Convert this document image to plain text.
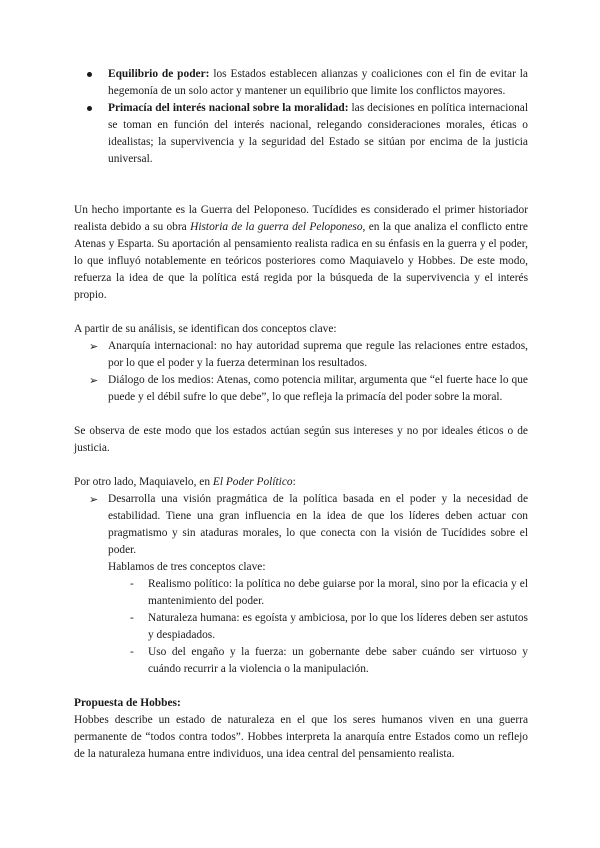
Equilibrio de poder: los Estados establecen alianzas y coaliciones con el fin de evitar la hegemonía de un solo actor y mantener un equilibrio que limite los conflictos mayores.
Primacía del interés nacional sobre la moralidad: las decisiones en política internacional se toman en función del interés nacional, relegando consideraciones morales, éticas o idealistas; la supervivencia y la seguridad del Estado se sitúan por encima de la justicia universal.

Un hecho importante es la Guerra del Peloponeso. Tucídides es considerado el primer historiador realista debido a su obra Historia de la guerra del Peloponeso, en la que analiza el conflicto entre Atenas y Esparta. Su aportación al pensamiento realista radica en su énfasis en la guerra y el poder, lo que influyó notablemente en teóricos posteriores como Maquiavelo y Hobbes. De este modo, refuerza la idea de que la política está regida por la búsqueda de la supervivencia y el interés propio.

A partir de su análisis, se identifican dos conceptos clave:

➢ Anarquía internacional: no hay autoridad suprema que regule las relaciones entre estados, por lo que el poder y la fuerza determinan los resultados.
➢ Diálogo de los medios: Atenas, como potencia militar, argumenta que “el fuerte hace lo que puede y el débil sufre lo que debe”, lo que refleja la primacía del poder sobre la moral.

Se observa de este modo que los estados actúan según sus intereses y no por ideales éticos o de justicia.

Por otro lado, Maquiavelo, en El Poder Político:

➢ Desarrolla una visión pragmática de la política basada en el poder y la necesidad de estabilidad. Tiene una gran influencia en la idea de que los líderes deben actuar con pragmatismo y sin ataduras morales, lo que conecta con la visión de Tucídides sobre el poder.

Hablamos de tres conceptos clave:

- Realismo político: la política no debe guiarse por la moral, sino por la eficacia y el mantenimiento del poder.
- Naturaleza humana: es egoísta y ambiciosa, por lo que los líderes deben ser astutos y despiadados.
- Uso del engaño y la fuerza: un gobernante debe saber cuándo ser virtuoso y cuándo recurrir a la violencia o la manipulación.

Propuesta de Hobbes:

Hobbes describe un estado de naturaleza en el que los seres humanos viven en una guerra permanente de “todos contra todos”. Hobbes interpreta la anarquía entre Estados como un reflejo de la naturaleza humana entre individuos, una idea central del pensamiento realista.
